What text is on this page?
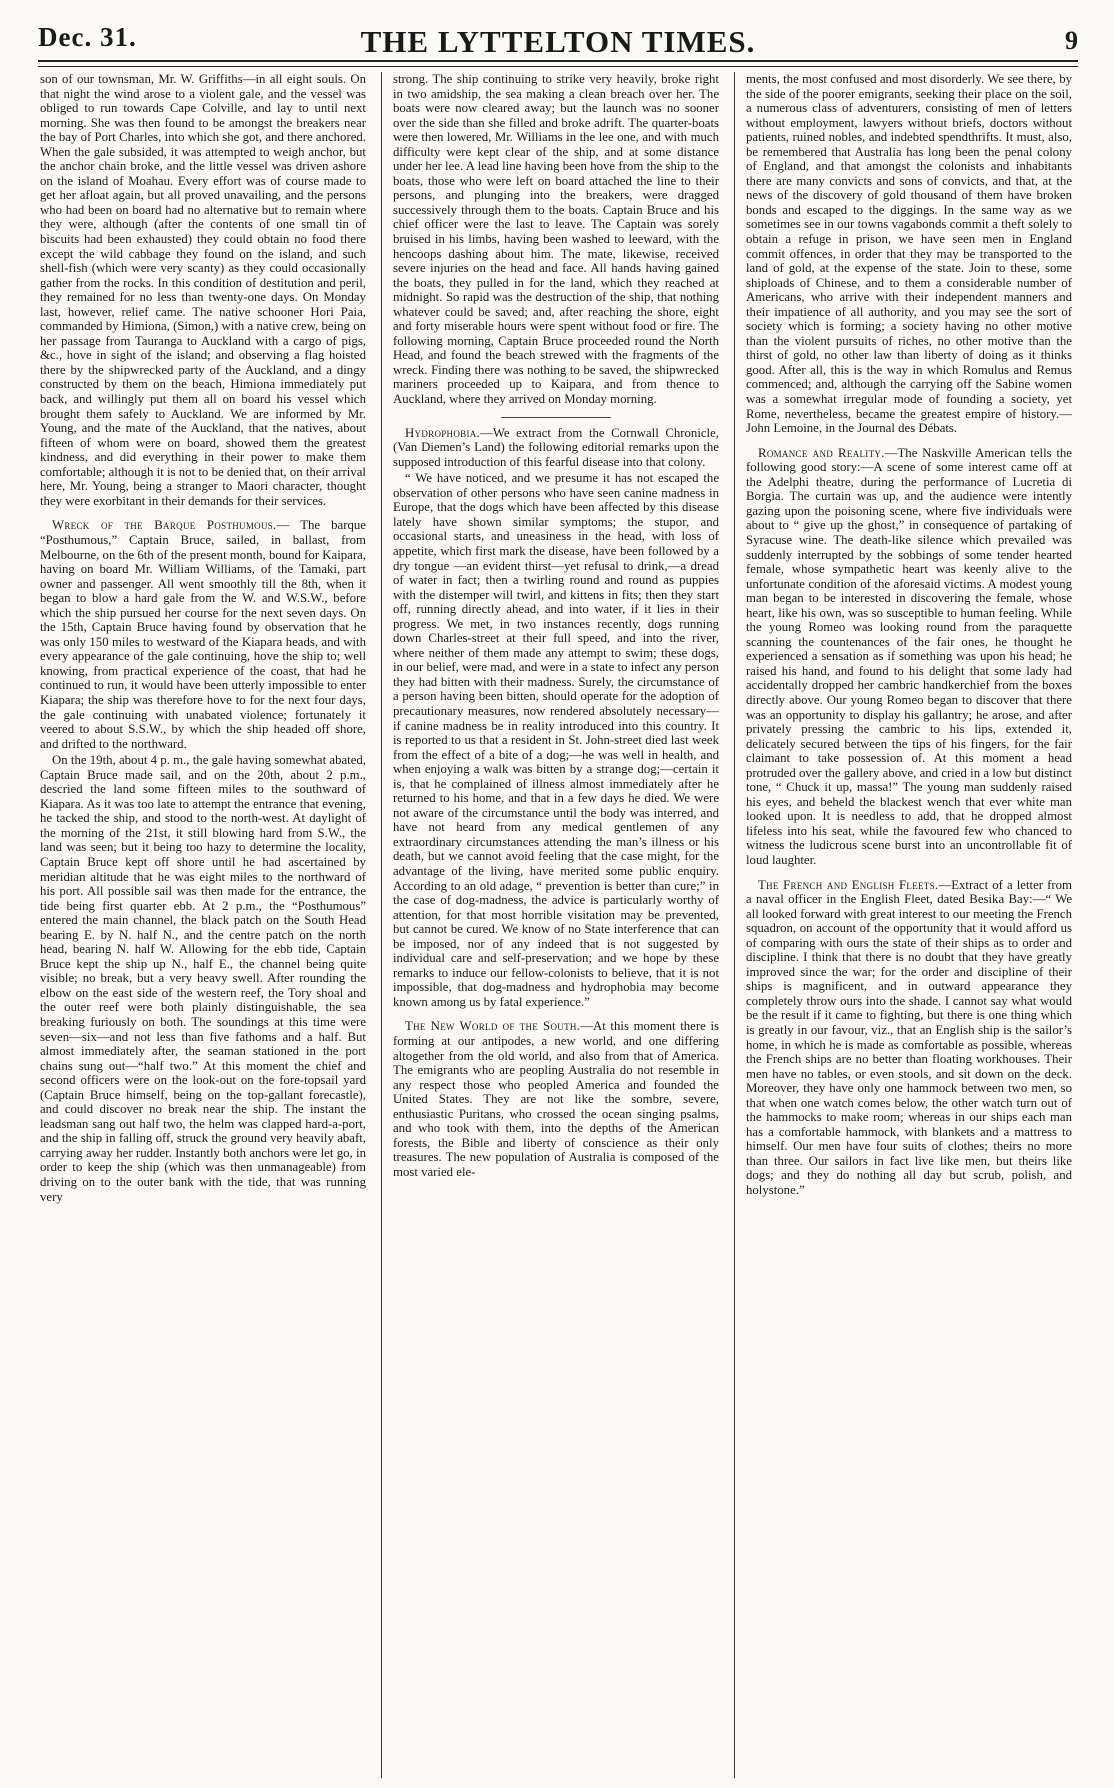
Dec. 31.	THE LYTTELTON TIMES.	9

son of our townsman, Mr. W. Griffiths—in all eight souls. On that night the wind arose to a violent gale, and the vessel was obliged to run towards Cape Colville, and lay to until next morning. She was then found to be amongst the breakers near the bay of Port Charles, into which she got, and there anchored. When the gale subsided, it was attempted to weigh anchor, but the anchor chain broke, and the little vessel was driven ashore on the island of Moahau. Every effort was of course made to get her afloat again, but all proved unavailing, and the persons who had been on board had no alternative but to remain where they were, although (after the contents of one small tin of biscuits had been exhausted) they could obtain no food there except the wild cabbage they found on the island, and such shell-fish (which were very scanty) as they could occasionally gather from the rocks. In this condition of destitution and peril, they remained for no less than twenty-one days. On Monday last, however, relief came. The native schooner Hori Paia, commanded by Himiona, (Simon,) with a native crew, being on her passage from Tauranga to Auckland with a cargo of pigs, &c., hove in sight of the island; and observing a flag hoisted there by the shipwrecked party of the Auckland, and a dingy constructed by them on the beach, Himiona immediately put back, and willingly put them all on board his vessel which brought them safely to Auckland. We are informed by Mr. Young, and the mate of the Auckland, that the natives, about fifteen of whom were on board, showed them the greatest kindness, and did everything in their power to make them comfortable; although it is not to be denied that, on their arrival here, Mr. Young, being a stranger to Maori character, thought they were exorbitant in their demands for their services.

Wreck of the Barque Posthumous.— The barque “Posthumous,” Captain Bruce, sailed, in ballast, from Melbourne, on the 6th of the present month, bound for Kaipara, having on board Mr. William Williams, of the Tamaki, part owner and passenger. All went smoothly till the 8th, when it began to blow a hard gale from the W. and W.S.W., before which the ship pursued her course for the next seven days. On the 15th, Captain Bruce having found by observation that he was only 150 miles to westward of the Kiapara heads, and with every appearance of the gale continuing, hove the ship to; well knowing, from practical experience of the coast, that had he continued to run, it would have been utterly impossible to enter Kiapara; the ship was therefore hove to for the next four days, the gale continuing with unabated violence; fortunately it veered to about S.S.W., by which the ship headed off shore, and drifted to the northward.

On the 19th, about 4 p. m., the gale having somewhat abated, Captain Bruce made sail, and on the 20th, about 2 p.m., descried the land some fifteen miles to the southward of Kiapara. As it was too late to attempt the entrance that evening, he tacked the ship, and stood to the north-west. At daylight of the morning of the 21st, it still blowing hard from S.W., the land was seen; but it being too hazy to determine the locality, Captain Bruce kept off shore until he had ascertained by meridian altitude that he was eight miles to the northward of his port. All possible sail was then made for the entrance, the tide being first quarter ebb. At 2 p.m., the “Posthumous” entered the main channel, the black patch on the South Head bearing E. by N. half N., and the centre patch on the north head, bearing N. half W. Allowing for the ebb tide, Captain Bruce kept the ship up N., half E., the channel being quite visible; no break, but a very heavy swell. After rounding the elbow on the east side of the western reef, the Tory shoal and the outer reef were both plainly distinguishable, the sea breaking furiously on both. The soundings at this time were seven—six—and not less than five fathoms and a half. But almost immediately after, the seaman stationed in the port chains sung out—“half two.” At this moment the chief and second officers were on the look-out on the fore-topsail yard (Captain Bruce himself, being on the top-gallant forecastle), and could discover no break near the ship. The instant the leadsman sang out half two, the helm was clapped hard-a-port, and the ship in falling off, struck the ground very heavily abaft, carrying away her rudder. Instantly both anchors were let go, in order to keep the ship (which was then unmanageable) from driving on to the outer bank with the tide, that was running very

strong. The ship continuing to strike very heavily, broke right in two amidship, the sea making a clean breach over her. The boats were now cleared away; but the launch was no sooner over the side than she filled and broke adrift. The quarter-boats were then lowered, Mr. Williams in the lee one, and with much difficulty were kept clear of the ship, and at some distance under her lee. A lead line having been hove from the ship to the boats, those who were left on board attached the line to their persons, and plunging into the breakers, were dragged successively through them to the boats. Captain Bruce and his chief officer were the last to leave. The Captain was sorely bruised in his limbs, having been washed to leeward, with the hencoops dashing about him. The mate, likewise, received severe injuries on the head and face. All hands having gained the boats, they pulled in for the land, which they reached at midnight. So rapid was the destruction of the ship, that nothing whatever could be saved; and, after reaching the shore, eight and forty miserable hours were spent without food or fire. The following morning, Captain Bruce proceeded round the North Head, and found the beach strewed with the fragments of the wreck. Finding there was nothing to be saved, the shipwrecked mariners proceeded up to Kaipara, and from thence to Auckland, where they arrived on Monday morning.

Hydrophobia.—We extract from the Cornwall Chronicle, (Van Diemen’s Land) the following editorial remarks upon the supposed introduction of this fearful disease into that colony.

“ We have noticed, and we presume it has not escaped the observation of other persons who have seen canine madness in Europe, that the dogs which have been affected by this disease lately have shown similar symptoms; the stupor, and occasional starts, and uneasiness in the head, with loss of appetite, which first mark the disease, have been followed by a dry tongue —an evident thirst—yet refusal to drink,—a dread of water in fact; then a twirling round and round as puppies with the distemper will twirl, and kittens in fits; then they start off, running directly ahead, and into water, if it lies in their progress. We met, in two instances recently, dogs running down Charles-street at their full speed, and into the river, where neither of them made any attempt to swim; these dogs, in our belief, were mad, and were in a state to infect any person they had bitten with their madness. Surely, the circumstance of a person having been bitten, should operate for the adoption of precautionary measures, now rendered absolutely necessary—if canine madness be in reality introduced into this country. It is reported to us that a resident in St. John-street died last week from the effect of a bite of a dog;—he was well in health, and when enjoying a walk was bitten by a strange dog;—certain it is, that he complained of illness almost immediately after he returned to his home, and that in a few days he died. We were not aware of the circumstance until the body was interred, and have not heard from any medical gentlemen of any extraordinary circumstances attending the man’s illness or his death, but we cannot avoid feeling that the case might, for the advantage of the living, have merited some public enquiry. According to an old adage, “ prevention is better than cure;” in the case of dog-madness, the advice is particularly worthy of attention, for that most horrible visitation may be prevented, but cannot be cured. We know of no State interference that can be imposed, nor of any indeed that is not suggested by individual care and self-preservation; and we hope by these remarks to induce our fellow-colonists to believe, that it is not impossible, that dog-madness and hydrophobia may become known among us by fatal experience.”

The New World of the South.—At this moment there is forming at our antipodes, a new world, and one differing altogether from the old world, and also from that of America. The emigrants who are peopling Australia do not resemble in any respect those who peopled America and founded the United States. They are not like the sombre, severe, enthusiastic Puritans, who crossed the ocean singing psalms, and who took with them, into the depths of the American forests, the Bible and liberty of conscience as their only treasures. The new population of Australia is composed of the most varied ele-

ments, the most confused and most disorderly. We see there, by the side of the poorer emigrants, seeking their place on the soil, a numerous class of adventurers, consisting of men of letters without employment, lawyers without briefs, doctors without patients, ruined nobles, and indebted spendthrifts. It must, also, be remembered that Australia has long been the penal colony of England, and that amongst the colonists and inhabitants there are many convicts and sons of convicts, and that, at the news of the discovery of gold thousand of them have broken bonds and escaped to the diggings. In the same way as we sometimes see in our towns vagabonds commit a theft solely to obtain a refuge in prison, we have seen men in England commit offences, in order that they may be transported to the land of gold, at the expense of the state. Join to these, some shiploads of Chinese, and to them a considerable number of Americans, who arrive with their independent manners and their impatience of all authority, and you may see the sort of society which is forming; a society having no other motive than the violent pursuits of riches, no other motive than the thirst of gold, no other law than liberty of doing as it thinks good. After all, this is the way in which Romulus and Remus commenced; and, although the carrying off the Sabine women was a somewhat irregular mode of founding a society, yet Rome, nevertheless, became the greatest empire of history.—John Lemoine, in the Journal des Débats.

Romance and Reality.—The Naskville American tells the following good story:—A scene of some interest came off at the Adelphi theatre, during the performance of Lucretia di Borgia. The curtain was up, and the audience were intently gazing upon the poisoning scene, where five individuals were about to “ give up the ghost,” in consequence of partaking of Syracuse wine. The death-like silence which prevailed was suddenly interrupted by the sobbings of some tender hearted female, whose sympathetic heart was keenly alive to the unfortunate condition of the aforesaid victims. A modest young man began to be interested in discovering the female, whose heart, like his own, was so susceptible to human feeling. While the young Romeo was looking round from the paraquette scanning the countenances of the fair ones, he thought he experienced a sensation as if something was upon his head; he raised his hand, and found to his delight that some lady had accidentally dropped her cambric handkerchief from the boxes directly above. Our young Romeo began to discover that there was an opportunity to display his gallantry; he arose, and after privately pressing the cambric to his lips, extended it, delicately secured between the tips of his fingers, for the fair claimant to take possession of. At this moment a head protruded over the gallery above, and cried in a low but distinct tone, “ Chuck it up, massa!” The young man suddenly raised his eyes, and beheld the blackest wench that ever white man looked upon. It is needless to add, that he dropped almost lifeless into his seat, while the favoured few who chanced to witness the ludicrous scene burst into an uncontrollable fit of loud laughter.

The French and English Fleets.—Extract of a letter from a naval officer in the English Fleet, dated Besika Bay:—“ We all looked forward with great interest to our meeting the French squadron, on account of the opportunity that it would afford us of comparing with ours the state of their ships as to order and discipline. I think that there is no doubt that they have greatly improved since the war; for the order and discipline of their ships is magnificent, and in outward appearance they completely throw ours into the shade. I cannot say what would be the result if it came to fighting, but there is one thing which is greatly in our favour, viz., that an English ship is the sailor’s home, in which he is made as comfortable as possible, whereas the French ships are no better than floating workhouses. Their men have no tables, or even stools, and sit down on the deck. Moreover, they have only one hammock between two men, so that when one watch comes below, the other watch turn out of the hammocks to make room; whereas in our ships each man has a comfortable hammock, with blankets and a mattress to himself. Our men have four suits of clothes; theirs no more than three. Our sailors in fact live like men, but theirs like dogs; and they do nothing all day but scrub, polish, and holystone.”
